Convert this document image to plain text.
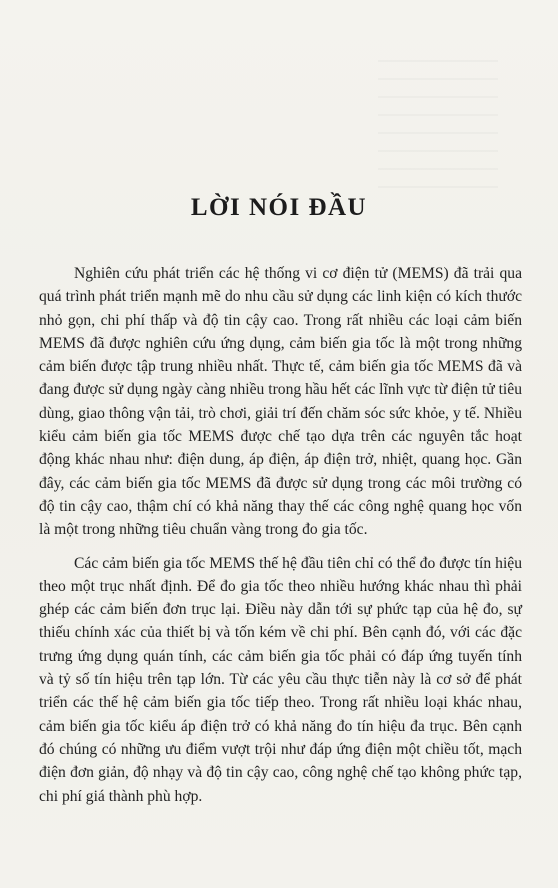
LỜI NÓI ĐẦU

Nghiên cứu phát triển các hệ thống vi cơ điện tử (MEMS) đã trải qua quá trình phát triển mạnh mẽ do nhu cầu sử dụng các linh kiện có kích thước nhỏ gọn, chi phí thấp và độ tin cậy cao. Trong rất nhiều các loại cảm biến MEMS đã được nghiên cứu ứng dụng, cảm biến gia tốc là một trong những cảm biến được tập trung nhiều nhất. Thực tế, cảm biến gia tốc MEMS đã và đang được sử dụng ngày càng nhiều trong hầu hết các lĩnh vực từ điện tử tiêu dùng, giao thông vận tải, trò chơi, giải trí đến chăm sóc sức khỏe, y tế. Nhiều kiểu cảm biến gia tốc MEMS được chế tạo dựa trên các nguyên tắc hoạt động khác nhau như: điện dung, áp điện, áp điện trở, nhiệt, quang học. Gần đây, các cảm biến gia tốc MEMS đã được sử dụng trong các môi trường có độ tin cậy cao, thậm chí có khả năng thay thế các công nghệ quang học vốn là một trong những tiêu chuẩn vàng trong đo gia tốc.

Các cảm biến gia tốc MEMS thế hệ đầu tiên chỉ có thể đo được tín hiệu theo một trục nhất định. Để đo gia tốc theo nhiều hướng khác nhau thì phải ghép các cảm biến đơn trục lại. Điều này dẫn tới sự phức tạp của hệ đo, sự thiếu chính xác của thiết bị và tốn kém về chi phí. Bên cạnh đó, với các đặc trưng ứng dụng quán tính, các cảm biến gia tốc phải có đáp ứng tuyến tính và tỷ số tín hiệu trên tạp lớn. Từ các yêu cầu thực tiễn này là cơ sở để phát triển các thế hệ cảm biến gia tốc tiếp theo. Trong rất nhiều loại khác nhau, cảm biến gia tốc kiểu áp điện trở có khả năng đo tín hiệu đa trục. Bên cạnh đó chúng có những ưu điểm vượt trội như đáp ứng điện một chiều tốt, mạch điện đơn giản, độ nhạy và độ tin cậy cao, công nghệ chế tạo không phức tạp, chi phí giá thành phù hợp.
